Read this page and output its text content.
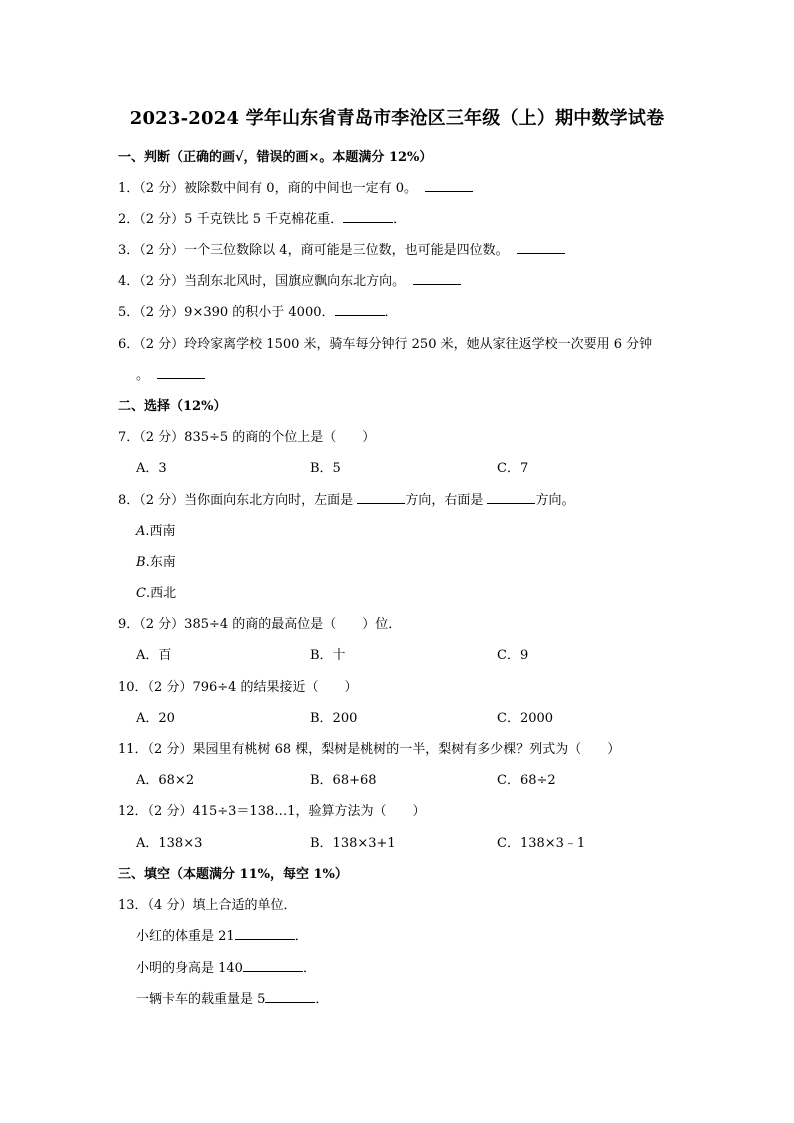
2023-2024 学年山东省青岛市李沧区三年级（上）期中数学试卷
一、判断（正确的画√，错误的画×。本题满分 12%）
1．（2 分）被除数中间有 0，商的中间也一定有 0。
2．（2 分）5 千克铁比 5 千克棉花重．	．
3．（2 分）一个三位数除以 4，商可能是三位数，也可能是四位数。
4．（2 分）当刮东北风时，国旗应飘向东北方向。
5．（2 分）9×390 的积小于 4000．	．
6．（2 分）玲玲家离学校 1500 米，骑车每分钟行 250 米，她从家往返学校一次要用 6 分钟
。
二、选择（12%）
7．（2 分）835÷5 的商的个位上是（　　）
A．3	B．5	C．7
8．（2 分）当你面向东北方向时，左面是	方向，右面是	方向。
A.西南
B.东南
C.西北
9．（2 分）385÷4 的商的最高位是（　　）位．
A．百	B．十	C．9
10．（2 分）796÷4 的结果接近（　　）
A．20	B．200	C．2000
11．（2 分）果园里有桃树 68 棵，梨树是桃树的一半，梨树有多少棵？列式为（　　）
A．68×2	B．68+68	C．68÷2
12．（2 分）415÷3＝138…1，验算方法为（　　）
A．138×3	B．138×3+1	C．138×3﹣1
三、填空（本题满分 11%，每空 1%）
13．（4 分）填上合适的单位．
小红的体重是 21	．
小明的身高是 140	．
一辆卡车的载重量是 5	．
